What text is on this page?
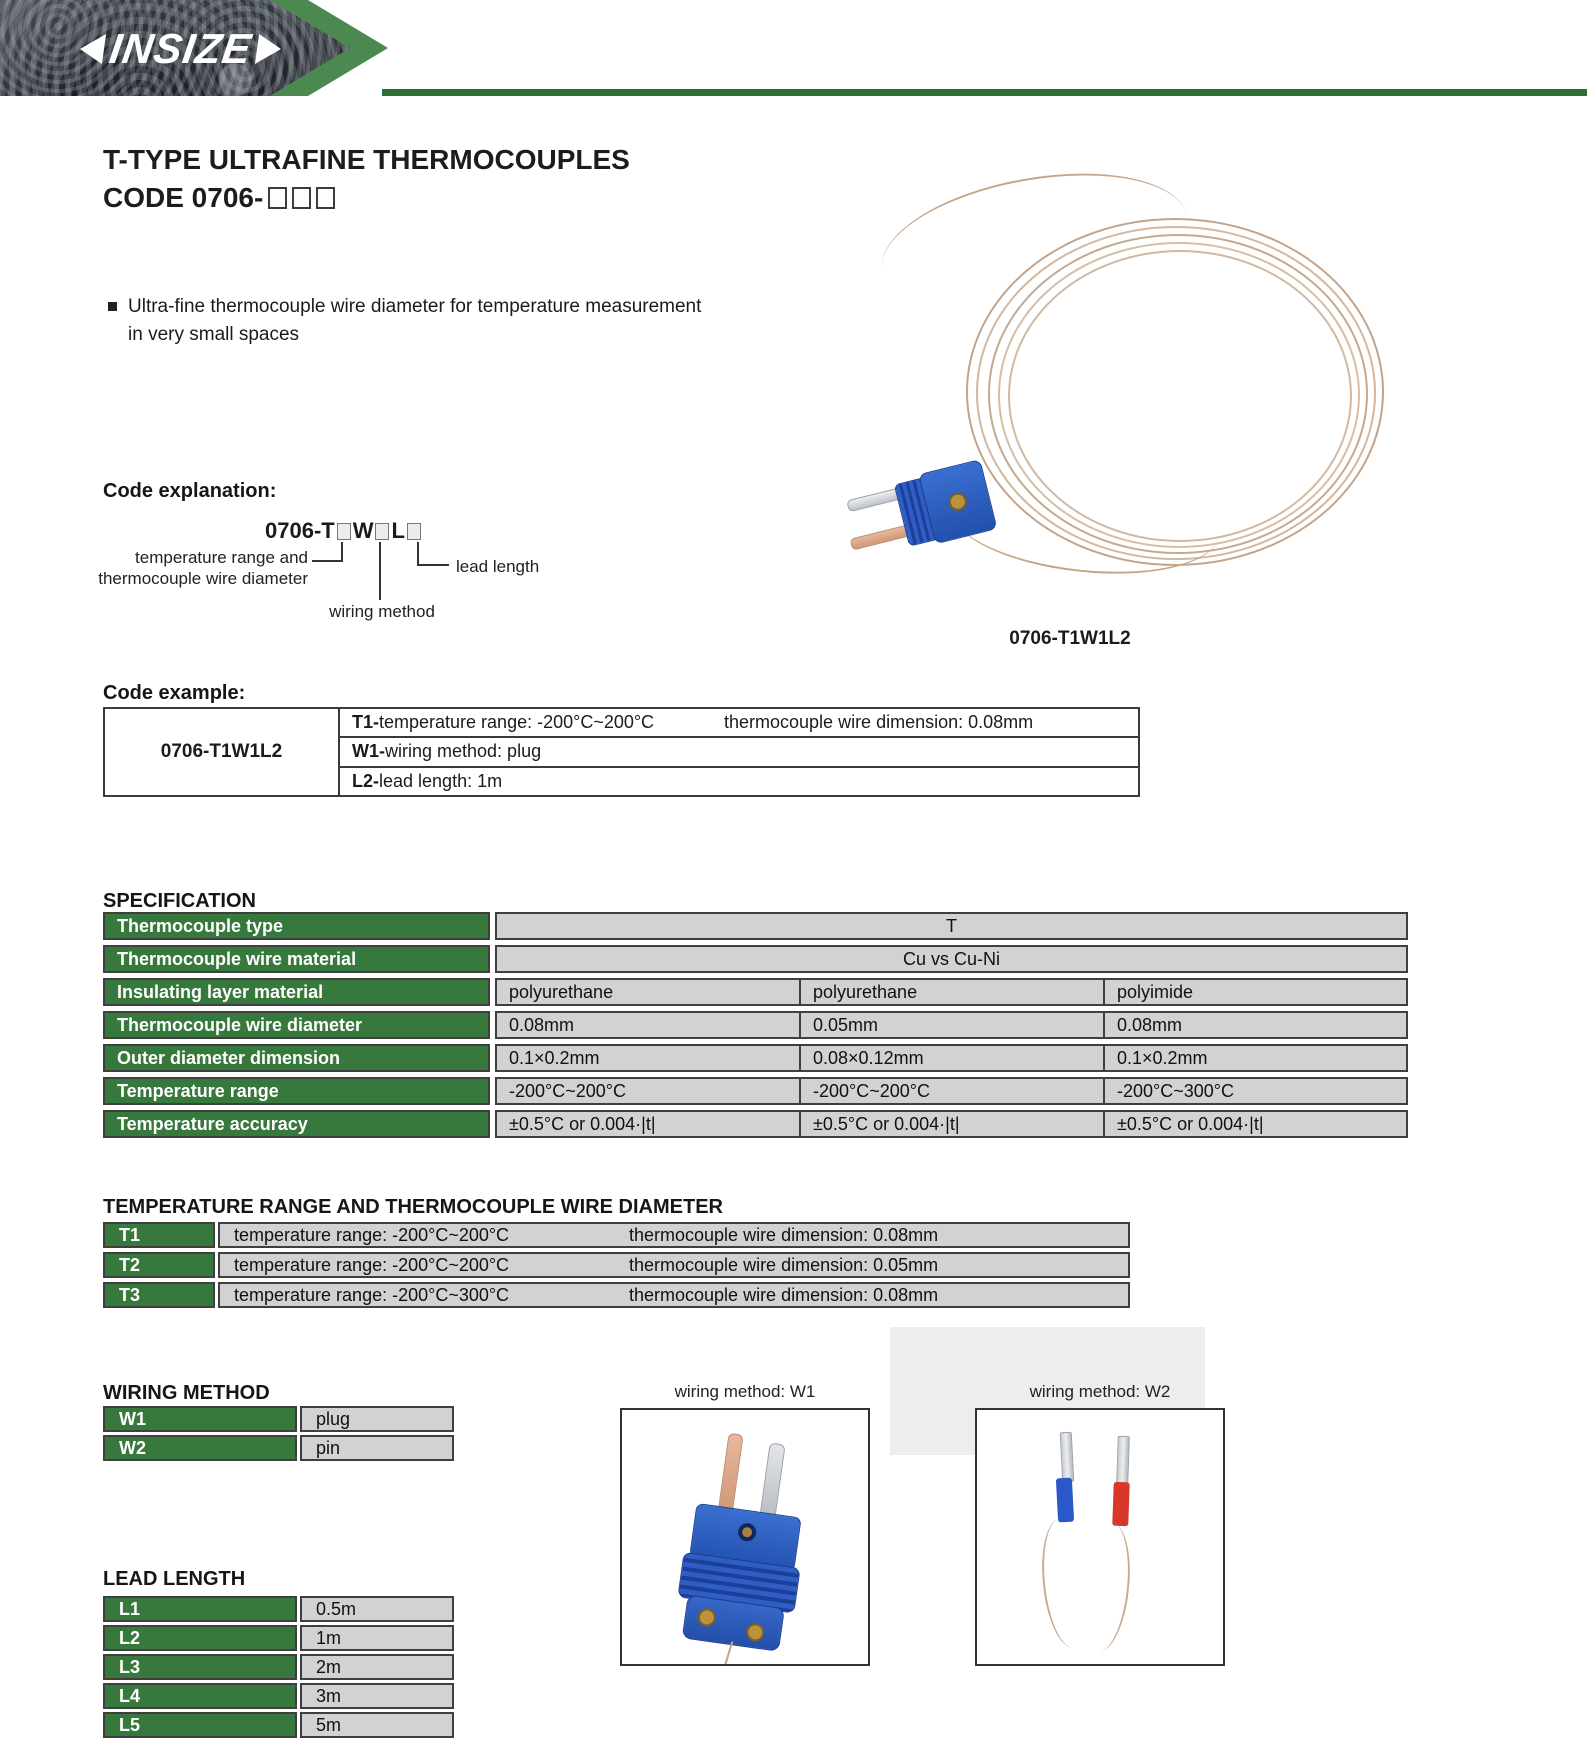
INSIZE
T-TYPE ULTRAFINE THERMOCOUPLES
CODE 0706-
Ultra-fine thermocouple wire diameter for temperature measurement
in very small spaces
Code explanation:
0706-T W L
temperature range and
thermocouple wire diameter
wiring method
lead length
0706-T1W1L2
Code example:
0706-T1W1L2
T1- temperature range: -200°C~200°C	thermocouple wire dimension: 0.08mm
W1- wiring method: plug
L2- lead length: 1m
SPECIFICATION
Thermocouple type	T
Thermocouple wire material	Cu vs Cu-Ni
Insulating layer material	polyurethane	polyurethane	polyimide
Thermocouple wire diameter	0.08mm	0.05mm	0.08mm
Outer diameter dimension	0.1×0.2mm	0.08×0.12mm	0.1×0.2mm
Temperature range	-200°C~200°C	-200°C~200°C	-200°C~300°C
Temperature accuracy	±0.5°C or 0.004·|t|	±0.5°C or 0.004·|t|	±0.5°C or 0.004·|t|
TEMPERATURE RANGE AND THERMOCOUPLE WIRE DIAMETER
T1	temperature range: -200°C~200°C	thermocouple wire dimension: 0.08mm
T2	temperature range: -200°C~200°C	thermocouple wire dimension: 0.05mm
T3	temperature range: -200°C~300°C	thermocouple wire dimension: 0.08mm
WIRING METHOD
W1	plug
W2	pin
wiring method: W1	wiring method: W2
LEAD LENGTH
L1	0.5m
L2	1m
L3	2m
L4	3m
L5	5m
